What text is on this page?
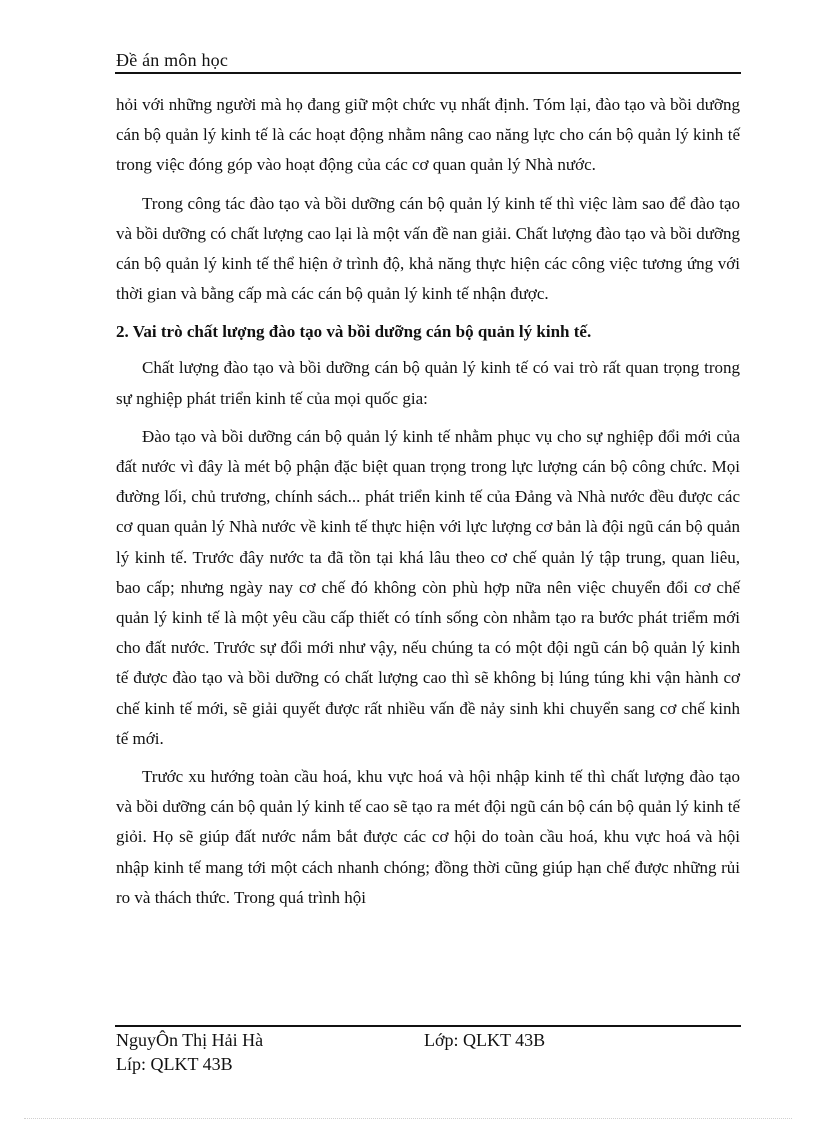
Đề án môn học

hỏi với những người mà họ đang giữ một chức vụ nhất định. Tóm lại, đào tạo và bồi dưỡng cán bộ quản lý kinh tế là các hoạt động nhằm nâng cao năng lực cho cán bộ quản lý kinh tế trong việc đóng góp vào hoạt động của các cơ quan quản lý Nhà nước.

Trong công tác đào tạo và bồi dưỡng cán bộ quản lý kinh tế thì việc làm sao để đào tạo và bồi dưỡng có chất lượng cao lại là một vấn đề nan giải. Chất lượng đào tạo và bồi dưỡng cán bộ quản lý kinh tế thể hiện ở trình độ, khả năng thực hiện các công việc tương ứng với thời gian và bằng cấp mà các cán bộ quản lý kinh tế nhận được.

2. Vai trò chất lượng đào tạo và bồi dưỡng cán bộ quản lý kinh tế.

Chất lượng đào tạo và bồi dưỡng cán bộ quản lý kinh tế có vai trò rất quan trọng trong sự nghiệp phát triển kinh tế của mọi quốc gia:

Đào tạo và bồi dưỡng cán bộ quản lý kinh tế nhằm phục vụ cho sự nghiệp đổi mới của đất nước vì đây là mét bộ phận đặc biệt quan trọng trong lực lượng cán bộ công chức. Mọi đường lối, chủ trương, chính sách... phát triển kinh tế của Đảng và Nhà nước đều được các cơ quan quản lý Nhà nước về kinh tế thực hiện với lực lượng cơ bản là đội ngũ cán bộ quản lý kinh tế. Trước đây nước ta đã tồn tại khá lâu theo cơ chế quản lý tập trung, quan liêu, bao cấp; nhưng ngày nay cơ chế đó không còn phù hợp nữa nên việc chuyển đổi cơ chế quản lý kinh tế là một yêu cầu cấp thiết có tính sống còn nhằm tạo ra bước phát triểm mới cho đất nước. Trước sự đổi mới như vậy, nếu chúng ta có một đội ngũ cán bộ quản lý kinh tế được đào tạo và bồi dưỡng có chất lượng cao thì sẽ không bị lúng túng khi vận hành cơ chế kinh tế mới, sẽ giải quyết được rất nhiều vấn đề nảy sinh khi chuyển sang cơ chế kinh tế mới.

Trước xu hướng toàn cầu hoá, khu vực hoá và hội nhập kinh tế thì chất lượng đào tạo và bồi dưỡng cán bộ quản lý kinh tế cao sẽ tạo ra mét đội ngũ cán bộ cán bộ quản lý kinh tế giỏi. Họ sẽ giúp đất nước nắm bắt được các cơ hội do toàn cầu hoá, khu vực hoá và hội nhập kinh tế mang tới một cách nhanh chóng; đồng thời cũng giúp hạn chế được những rủi ro và thách thức. Trong quá trình hội

NguyÔn Thị Hải Hà	Lớp: QLKT 43B
Líp: QLKT 43B
